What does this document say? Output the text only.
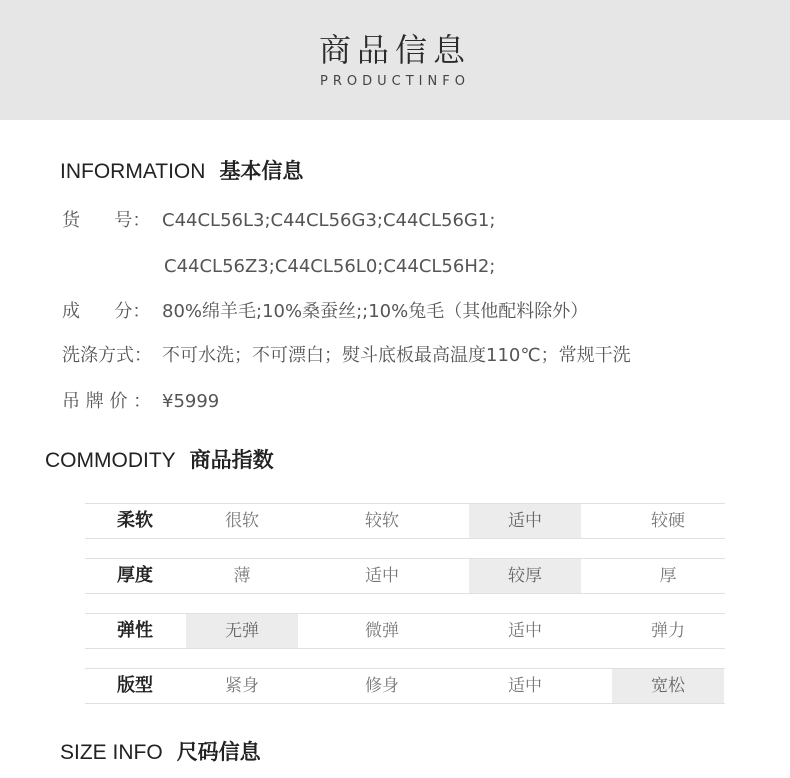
商品信息
PRODUCTINFO
INFORMATION 基本信息
货      号： C44CL56L3;C44CL56G3;C44CL56G1;
C44CL56Z3;C44CL56L0;C44CL56H2;
成      分： 80%绵羊毛;10%桑蚕丝;;10%兔毛（其他配料除外）
洗涤方式： 不可水洗；不可漂白；熨斗底板最高温度110℃；常规干洗
吊 牌 价 ： ¥5999
COMMODITY 商品指数
柔软	很软	较软	适中	较硬
厚度	薄	适中	较厚	厚
弹性	无弹	微弹	适中	弹力
版型	紧身	修身	适中	宽松
SIZE INFO 尺码信息
